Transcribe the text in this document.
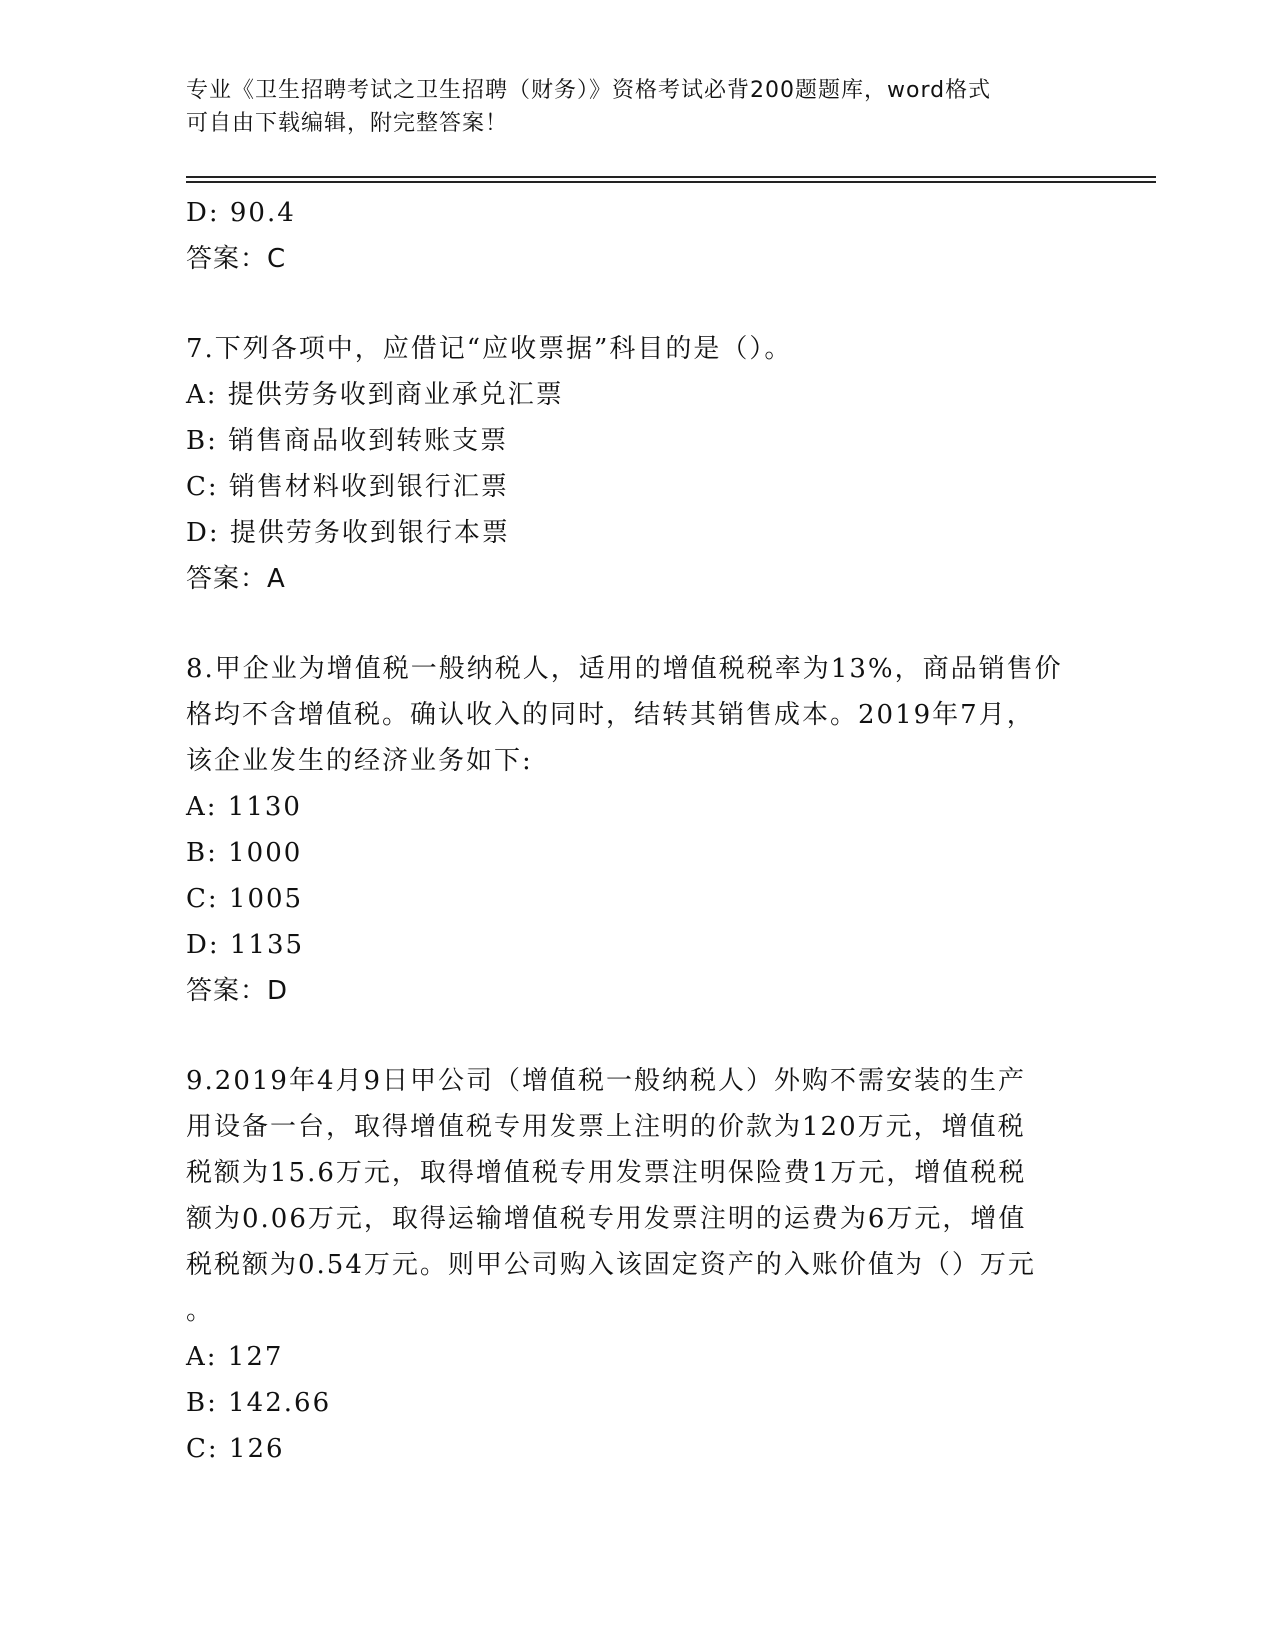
专业《卫生招聘考试之卫生招聘（财务）》资格考试必背200题题库，word格式
可自由下载编辑，附完整答案！
D: 90.4
答案：C
7.下列各项中，应借记“应收票据”科目的是（）。
A: 提供劳务收到商业承兑汇票
B: 销售商品收到转账支票
C: 销售材料收到银行汇票
D: 提供劳务收到银行本票
答案：A
8.甲企业为增值税一般纳税人，适用的增值税税率为13%，商品销售价
格均不含增值税。确认收入的同时，结转其销售成本。2019年7月，
该企业发生的经济业务如下:
A: 1130
B: 1000
C: 1005
D: 1135
答案：D
9.2019年4月9日甲公司（增值税一般纳税人）外购不需安装的生产
用设备一台，取得增值税专用发票上注明的价款为120万元，增值税
税额为15.6万元，取得增值税专用发票注明保险费1万元，增值税税
额为0.06万元，取得运输增值税专用发票注明的运费为6万元，增值
税税额为0.54万元。则甲公司购入该固定资产的入账价值为（）万元
。
A: 127
B: 142.66
C: 126
